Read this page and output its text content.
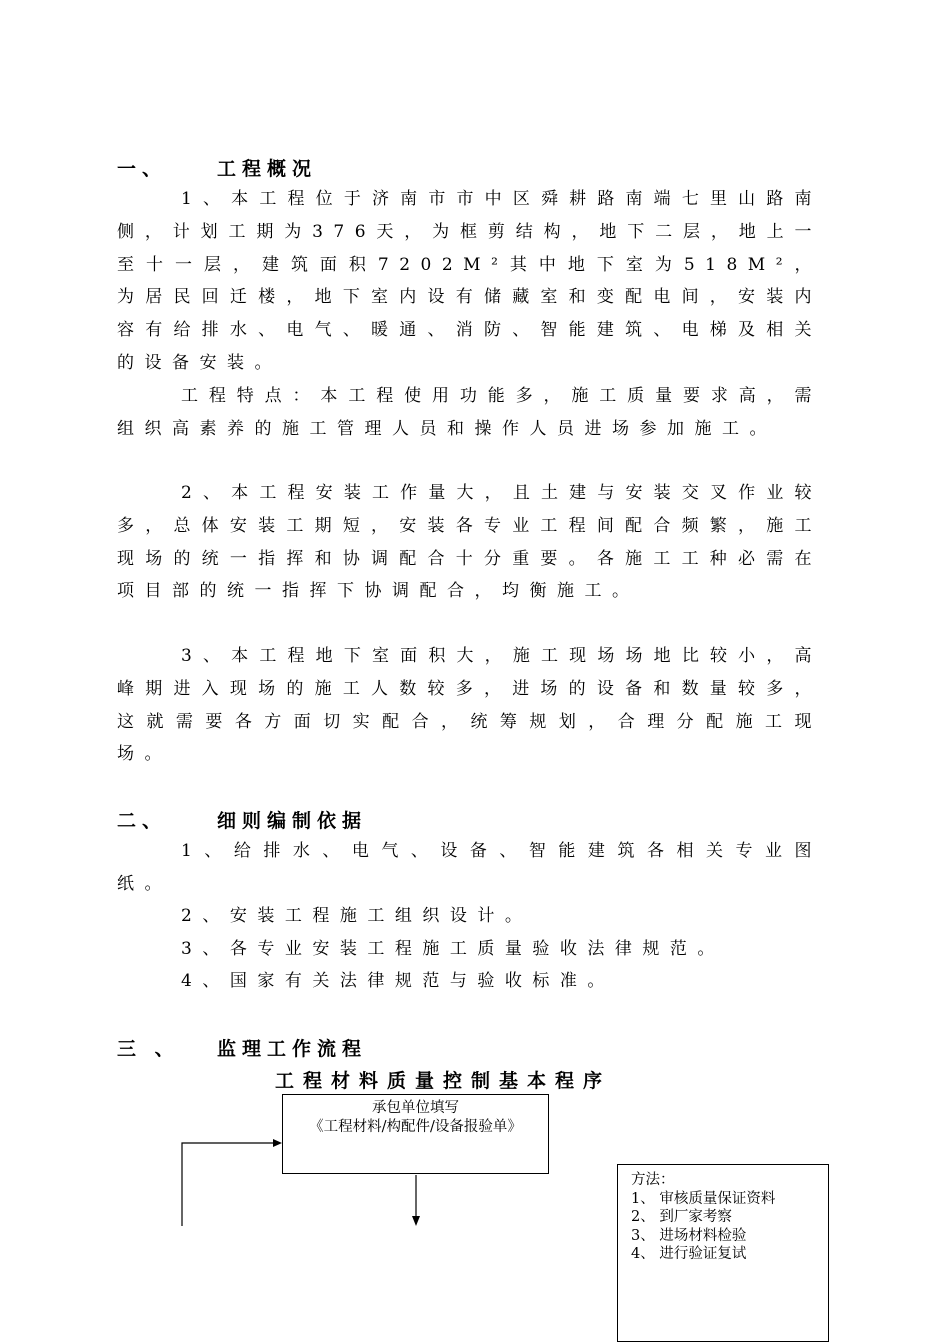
一、	工程概况

1、本工程位于济南市市中区舜耕路南端七里山路南侧，计划工期为376天，为框剪结构，地下二层，地上一至十一层，建筑面积7202M²其中地下室为518M²，为居民回迁楼，地下室内设有储藏室和变配电间，安装内容有给排水、电气、暖通、消防、智能建筑、电梯及相关的设备安装。

工程特点：本工程使用功能多，施工质量要求高，需组织高素养的施工管理人员和操作人员进场参加施工。

2、本工程安装工作量大，且土建与安装交叉作业较多，总体安装工期短，安装各专业工程间配合频繁，施工现场的统一指挥和协调配合十分重要。各施工工种必需在项目部的统一指挥下协调配合，均衡施工。

3、本工程地下室面积大，施工现场场地比较小，高峰期进入现场的施工人数较多，进场的设备和数量较多，这就需要各方面切实配合，统筹规划，合理分配施工现场。

二、	细则编制依据

1、给排水、电气、设备、智能建筑各相关专业图纸。

2、安装工程施工组织设计。

3、各专业安装工程施工质量验收法律规范。

4、国家有关法律规范与验收标准。

三 、 监理工作流程
工程材料质量控制基本程序
承包单位填写
《工程材料/构配件/设备报验单》
方法：
1、 审核质量保证资料
2、 到厂家考察
3、 进场材料检验
4、 进行验证复试
